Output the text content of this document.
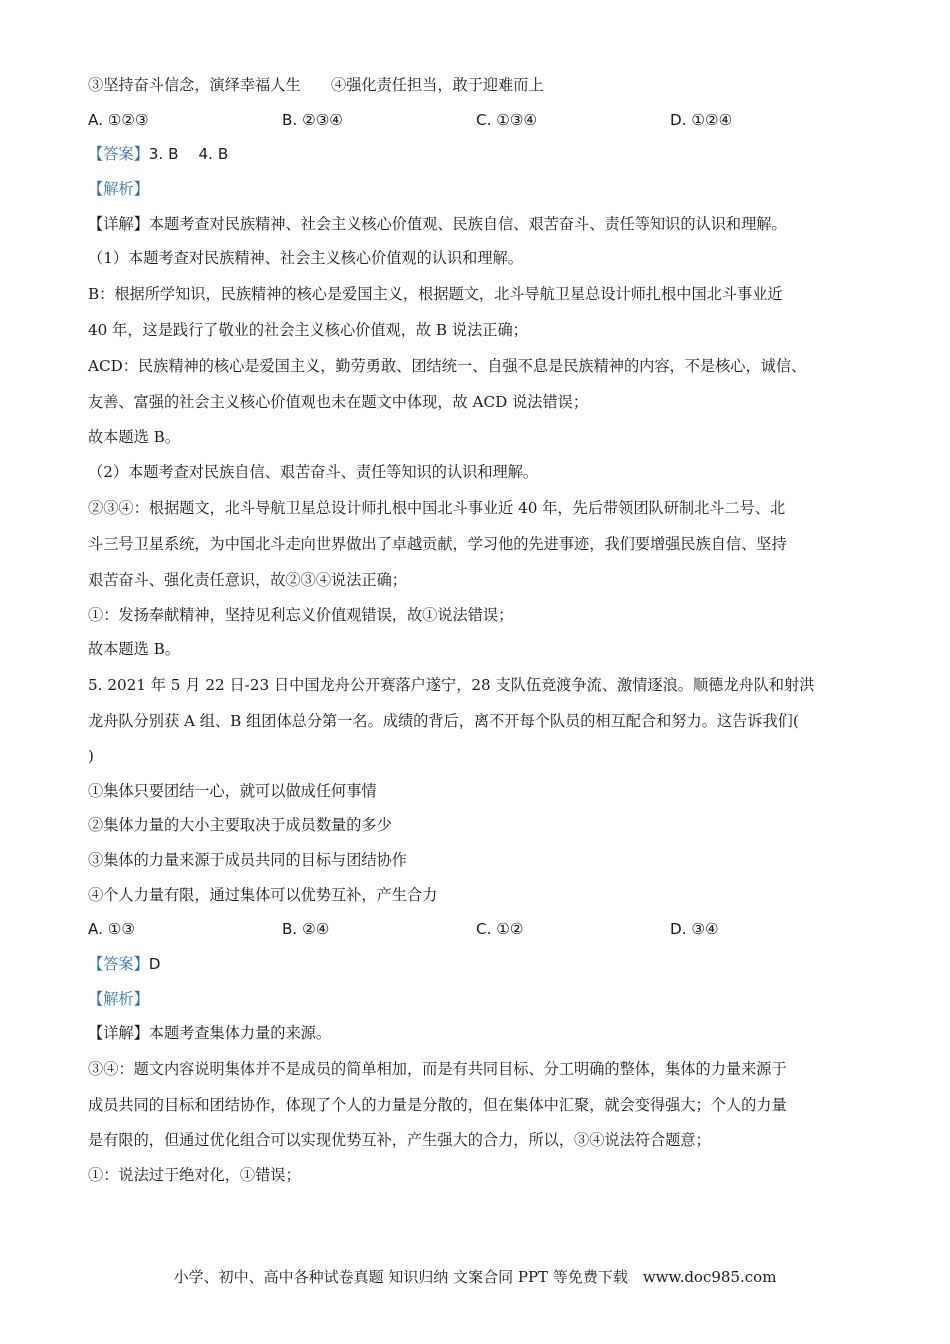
③坚持奋斗信念，演绎幸福人生　　④强化责任担当，敢于迎难而上
A. ①②③	B. ②③④	C. ①③④	D. ①②④
【答案】3. B　 4. B
【解析】
【详解】本题考查对民族精神、社会主义核心价值观、民族自信、艰苦奋斗、责任等知识的认识和理解。
（1）本题考查对民族精神、社会主义核心价值观的认识和理解。
B：根据所学知识，民族精神的核心是爱国主义，根据题文，北斗导航卫星总设计师扎根中国北斗事业近
40 年，这是践行了敬业的社会主义核心价值观，故 B 说法正确；
ACD：民族精神的核心是爱国主义，勤劳勇敢、团结统一、自强不息是民族精神的内容，不是核心，诚信、
友善、富强的社会主义核心价值观也未在题文中体现，故 ACD 说法错误；
故本题选 B。
（2）本题考查对民族自信、艰苦奋斗、责任等知识的认识和理解。
②③④：根据题文，北斗导航卫星总设计师扎根中国北斗事业近 40 年，先后带领团队研制北斗二号、北
斗三号卫星系统，为中国北斗走向世界做出了卓越贡献，学习他的先进事迹，我们要增强民族自信、坚持
艰苦奋斗、强化责任意识，故②③④说法正确；
①：发扬奉献精神，坚持见利忘义价值观错误，故①说法错误；
故本题选 B。
5. 2021 年 5 月 22 日-23 日中国龙舟公开赛落户遂宁，28 支队伍竞渡争流、激情逐浪。顺德龙舟队和射洪
龙舟队分别获 A 组、B 组团体总分第一名。成绩的背后，离不开每个队员的相互配合和努力。这告诉我们(
)
①集体只要团结一心，就可以做成任何事情
②集体力量的大小主要取决于成员数量的多少
③集体的力量来源于成员共同的目标与团结协作
④个人力量有限，通过集体可以优势互补，产生合力
A. ①③	B. ②④	C. ①②	D. ③④
【答案】D
【解析】
【详解】本题考查集体力量的来源。
③④：题文内容说明集体并不是成员的简单相加，而是有共同目标、分工明确的整体，集体的力量来源于
成员共同的目标和团结协作，体现了个人的力量是分散的，但在集体中汇聚，就会变得强大；个人的力量
是有限的，但通过优化组合可以实现优势互补，产生强大的合力，所以，③④说法符合题意；
①：说法过于绝对化，①错误；
小学、初中、高中各种试卷真题 知识归纳 文案合同 PPT 等免费下载　www.doc985.com
